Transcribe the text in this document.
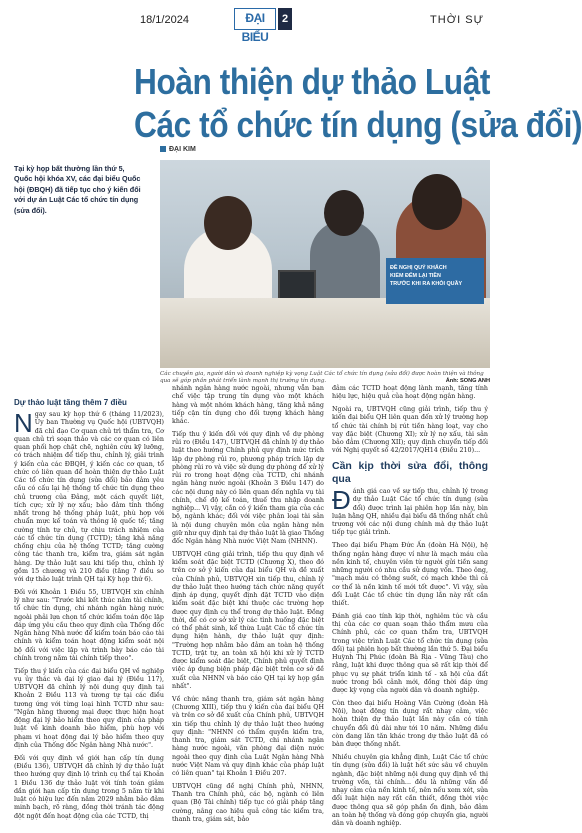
18/1/2024	ĐẠI BIỂU
2	THỜI SỰ
Hoàn thiện dự thảo Luật
Các tổ chức tín dụng (sửa đổi)
Tại kỳ họp bất thường lần thứ 5, Quốc hội khóa XV, các đại biểu Quốc hội (ĐBQH) đã tiếp tục cho ý kiến đối với dự án Luật Các tổ chức tín dụng (sửa đổi).
ĐẠI KIM
ĐỀ NGHỊ QUÝ KHÁCH
KIỂM ĐẾM LẠI TIỀN
TRƯỚC KHI RA KHỎI QUẦY
Các chuyên gia, người dân và doanh nghiệp kỳ vọng Luật Các tổ chức tín dụng (sửa đổi) được hoàn thiện và thông qua sẽ góp phần phát triển lành mạnh thị trường tín dụng.	Ảnh: SONG ANH
Dự thảo luật tăng thêm 7 điều

Ngay sau kỳ họp thứ 6 (tháng 11/2023), Ủy ban Thường vụ Quốc hội (UBTVQH) đã chỉ đạo Cơ quan chủ trì thẩm tra, Cơ quan chủ trì soạn thảo và các cơ quan có liên quan phối hợp chặt chẽ, nghiên cứu kỹ lưỡng, có trách nhiệm để tiếp thu, chỉnh lý, giải trình ý kiến của các ĐBQH, ý kiến các cơ quan, tổ chức có liên quan để hoàn thiện dự thảo Luật Các tổ chức tín dụng (sửa đổi) bảo đảm yêu cầu có cấu lại hệ thống tổ chức tín dụng theo chủ trương của Đảng, một cách quyết liệt, tích cực; xử lý nợ xấu; bảo đảm tính thống nhất trong hệ thống pháp luật, phù hợp với chuẩn mực kế toán và thông lệ quốc tế; tăng cường tính tự chủ, tự chịu trách nhiệm của các tổ chức tín dụng (TCTD); tăng khả năng chống chịu của hệ thống TCTD; tăng cường công tác thanh tra, kiểm tra, giám sát ngân hàng. Dự thảo luật sau khi tiếp thu, chỉnh lý gồm 15 chương và 210 điều (tăng 7 điều so với dự thảo luật trình QH tại Kỳ họp thứ 6).

Đối với Khoản 1 Điều 55, UBTVQH xin chỉnh lý như sau: "Trước khi kết thúc năm tài chính, tổ chức tín dụng, chi nhánh ngân hàng nước ngoài phải lựa chọn tổ chức kiểm toán độc lập đáp ứng yêu cầu theo quy định của Thống đốc Ngân hàng Nhà nước để kiểm toán báo cáo tài chính và kiểm toán hoạt động kiểm soát nội bộ đối với việc lập và trình bày báo cáo tài chính trong năm tài chính tiếp theo".

Tiếp thu ý kiến của các đại biểu QH về nghiệp vụ ủy thác và đại lý giao đại lý (Điều 117), UBTVQH đã chỉnh lý nội dung quy định tại Khoản 2 Điều 113 và tương tự tại các điều tương ứng với từng loại hình TCTD như sau: "Ngân hàng thương mại được thực hiện hoạt động đại lý bảo hiểm theo quy định của pháp luật về kinh doanh bảo hiểm, phù hợp với phạm vi hoạt động đại lý bảo hiểm theo quy định của Thống đốc Ngân hàng Nhà nước".

Đối với quy định về giới hạn cấp tín dụng (Điều 136), UBTVQH đã chỉnh lý dự thảo luật theo hướng quy định lộ trình cụ thể tại Khoản 1 Điều 136 dự thảo luật với tính toán giảm dần giới hạn cấp tín dụng trong 5 năm từ khi luật có hiệu lực đến năm 2029 nhằm bảo đảm minh bạch, rõ ràng, đồng thời tránh tác động đột ngột đến hoạt động của các TCTD, thị

nhánh ngân hàng nước ngoài, nhưng vẫn bạn chế việc tập trung tín dụng vào một khách hàng và một nhóm khách hàng, tăng khả năng tiếp cận tín dụng cho đối tượng khách hàng khác.

Tiếp thu ý kiến đối với quy định về dự phòng rủi ro (Điều 147), UBTVQH đã chỉnh lý dự thảo luật theo hướng Chính phủ quy định mức trích lập dự phòng rủi ro, phương pháp trích lập dự phòng rủi ro và việc sử dụng dự phòng để xử lý rủi ro trong hoạt động của TCTD, chi nhánh ngân hàng nước ngoài (Khoản 3 Điều 147) do các nội dung này có liên quan đến nghĩa vụ tài chính, chế độ kế toán, thuế thu nhập doanh nghiệp... Vị vậy, cần có ý kiến tham gia của các bộ, ngành khác; đối với việc phân loại tài sản là nội dung chuyên môn của ngân hàng nên giữ như quy định tại dự thảo luật là giao Thống đốc Ngân hàng Nhà nước Việt Nam (NHNN).

UBTVQH cũng giải trình, tiếp thu quy định về kiểm soát đặc biệt TCTD (Chương X), theo đó trên cơ sở ý kiến của đại biểu QH và đề xuất của Chính phủ, UBTVQH xin tiếp thu, chỉnh lý dự thảo luật theo hướng tách chức năng quyết định áp dụng, quyết định đặt TCTD vào diện kiểm soát đặc biệt khi thuộc các trường hợp được quy định cụ thể trong dự thảo luật. Đồng thời, để có cơ sở xử lý các tình huống đặc biệt có thể phát sinh, kể thừa Luật Các tổ chức tín dụng hiện hành, dự thảo luật quy định: "Trường hợp nhằm bảo đảm an toàn hệ thống TCTD, trật tự, an toàn xã hội khi xử lý TCTD được kiểm soát đặc biệt, Chính phủ quyết định việc áp dụng biện pháp đặc biệt trên cơ sở đề xuất của NHNN và báo cáo QH tại kỳ họp gần nhất".

Về chức năng thanh tra, giám sát ngân hàng (Chương XIII), tiếp thu ý kiến của đại biểu QH và trên cơ sở đề xuất của Chính phủ, UBTVQH xin tiếp thu chỉnh lý dự thảo luật theo hướng quy định: "NHNN có thẩm quyền kiểm tra, thanh tra, giám sát TCTD, chi nhánh ngân hàng nước ngoài, văn phòng đại diện nước ngoài theo quy định của Luật Ngân hàng Nhà nước Việt Nam và quy định khác của pháp luật có liên quan" tại Khoản 1 Điều 207.

UBTVQH cũng đề nghị Chính phủ, NHNN, Thanh tra Chính phủ, các bộ, ngành có liên quan (Bộ Tài chính) tiếp tục có giải pháp tăng cường, nâng cao hiệu quả công tác kiểm tra, thanh tra, giám sát, bảo

đảm các TCTD hoạt động lành mạnh, tăng tính hiệu lực, hiệu quả của hoạt động ngân hàng.

Ngoài ra, UBTVQH cũng giải trình, tiếp thu ý kiến đại biểu QH liên quan đến xử lý trường hợp tổ chức tài chính bị rút tiền hàng loạt, vay cho vay đặc biệt (Chương XI); xử lý nợ xấu, tài sản bảo đảm (Chương XII); quy định chuyển tiếp đối với Nghị quyết số 42/2017/QH14 (Điều 210)...

Cần kịp thời sửa đổi, thông qua

Đánh giá cao về sự tiếp thu, chỉnh lý trong dự thảo Luật Các tổ chức tín dụng (sửa đổi) được trình lại phiên họp lần này, bìn luận hằng QH, nhiều đại biểu đã thống nhất chủ trương với các nội dung chính mà dự thảo luật tiếp tục giải trình.

Theo đại biểu Phạm Đức Ấn (đoàn Hà Nội), hệ thống ngân hàng được ví như là mạch máu của nền kinh tế, chuyên viên từ người gửi tiền sang những người có nhu cầu sử dụng vốn. Theo ông, "mạch máu có thông suốt, có mạch khỏe thì cả cơ thể là nền kinh tế mới tốt được". Vì vậy, sửa đổi Luật Các tổ chức tín dụng lần này rất cần thiết.

Đánh giá cao tính kịp thời, nghiêm túc và cầu thị của các cơ quan soạn thảo thẩm mưu của Chính phủ, các cơ quan thẩm tra, UBTVQH trong việc trình Luật Các tổ chức tín dụng (sửa đổi) tại phiên họp bất thường lần thứ 5. Đại biểu Huỳnh Thị Phúc (đoàn Bà Rịa - Vũng Tàu) cho rằng, luật khi được thông qua sẽ rất kịp thời để phục vụ sự phát triển kinh tế - xã hội của đất nước trong bối cảnh mới, đồng thời đáp ứng được kỳ vọng của người dân và doanh nghiệp.

Còn theo đại biểu Hoàng Văn Cường (đoàn Hà Nội), hoạt động tín dụng rất nhạy cảm, việc hoàn thiện dự thảo luật lần này cần có tính chuyển đổi đủ dài như tới 10 năm. Những điều còn đang lăn tăn khác trong dự thảo luật đã có bàn được thống nhất.

Nhiều chuyên gia khẳng định, Luật Các tổ chức tín dụng (sửa đổi) là luật hết sức sâu về chuyên ngành, đặc biệt những nội dung quy định về thị trường vốn, tài chính... đều là những vấn đề nhạy cảm của nền kinh tế, nên nếu xem xét, sửa đổi luật hiện nay rất cần thiết, đồng thời việc được thông qua sẽ góp phần ổn định, bảo đảm an toàn hệ thống và đóng góp chuyển gia, người dân và doanh nghiệp.
